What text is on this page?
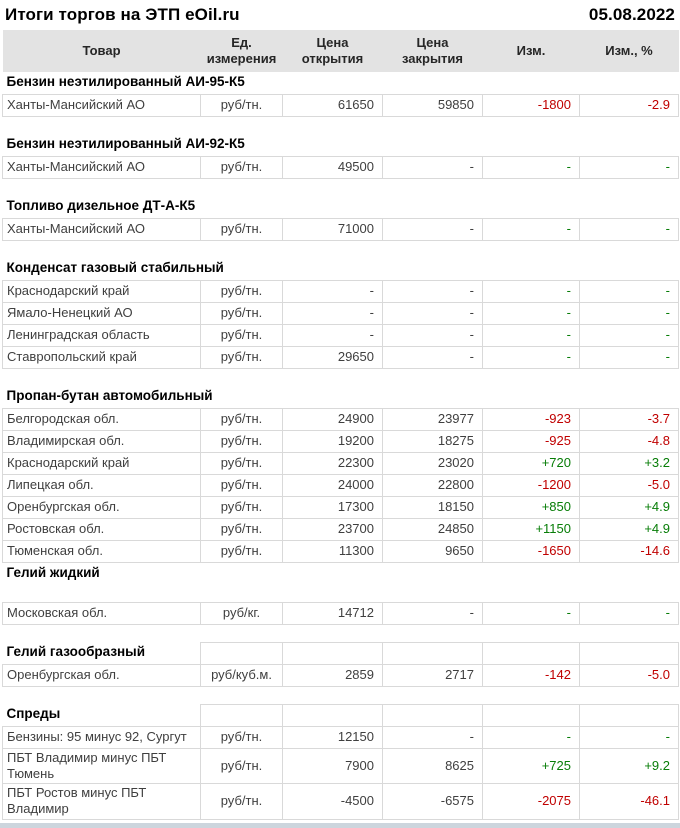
Итоги торгов на ЭТП eOil.ru	05.08.2022
Товар	Ед. измерения	Цена открытия	Цена закрытия	Изм.	Изм., %
Бензин неэтилированный АИ-95-К5					
Ханты-Мансийский АО	руб/тн.	61650	59850	-1800	-2.9

Бензин неэтилированный АИ-92-К5					
Ханты-Мансийский АО	руб/тн.	49500	-	-	-

Топливо дизельное ДТ-А-К5					
Ханты-Мансийский АО	руб/тн.	71000	-	-	-

Конденсат газовый стабильный					
Краснодарский край	руб/тн.	-	-	-	-
Ямало-Ненецкий АО	руб/тн.	-	-	-	-
Ленинградская область	руб/тн.	-	-	-	-
Ставропольский край	руб/тн.	29650	-	-	-

Пропан-бутан автомобильный					
Белгородская обл.	руб/тн.	24900	23977	-923	-3.7
Владимирская обл.	руб/тн.	19200	18275	-925	-4.8
Краснодарский край	руб/тн.	22300	23020	+720	+3.2
Липецкая обл.	руб/тн.	24000	22800	-1200	-5.0
Оренбургская обл.	руб/тн.	17300	18150	+850	+4.9
Ростовская обл.	руб/тн.	23700	24850	+1150	+4.9
Тюменская обл.	руб/тн.	11300	9650	-1650	-14.6
Гелий жидкий					

Московская обл.	руб/кг.	14712	-	-	-

Гелий газообразный					
Оренбургская обл.	руб/куб.м.	2859	2717	-142	-5.0

Спреды					
Бензины: 95 минус 92, Сургут	руб/тн.	12150	-	-	-
ПБТ Владимир минус ПБТ Тюмень	руб/тн.	7900	8625	+725	+9.2
ПБТ Ростов минус ПБТ Владимир	руб/тн.	-4500	-6575	-2075	-46.1
